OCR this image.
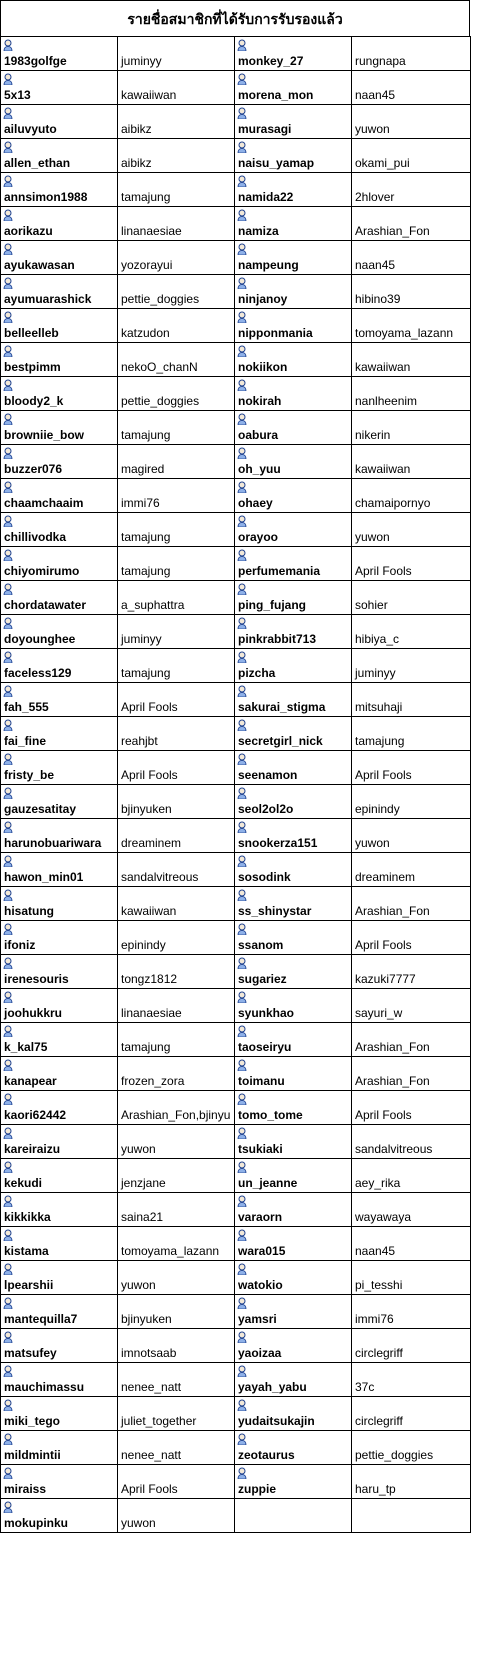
รายชื่อสมาชิกที่ได้รับการรับรองแล้ว
1983golfge	juminyy	monkey_27	rungnapa

5x13	kawaiiwan	morena_mon	naan45

ailuvyuto	aibikz	murasagi	yuwon

allen_ethan	aibikz	naisu_yamap	okami_pui

annsimon1988	tamajung	namida22	2hlover

aorikazu	linanaesiae	namiza	Arashian_Fon

ayukawasan	yozorayui	nampeung	naan45

ayumuarashick	pettie_doggies	ninjanoy	hibino39

belleelleb	katzudon	nipponmania	tomoyama_lazann

bestpimm	nekoO_chanN	nokiikon	kawaiiwan

bloody2_k	pettie_doggies	nokirah	nanlheenim

browniie_bow	tamajung	oabura	nikerin

buzzer076	magired	oh_yuu	kawaiiwan

chaamchaaim	immi76	ohaey	chamaipornyo

chillivodka	tamajung	orayoo	yuwon

chiyomirumo	tamajung	perfumemania	April Fools

chordatawater	a_suphattra	ping_fujang	sohier

doyounghee	juminyy	pinkrabbit713	hibiya_c

faceless129	tamajung	pizcha	juminyy

fah_555	April Fools	sakurai_stigma	mitsuhaji

fai_fine	reahjbt	secretgirl_nick	tamajung

fristy_be	April Fools	seenamon	April Fools

gauzesatitay	bjinyuken	seol2ol2o	epinindy

harunobuariwara	dreaminem	snookerza151	yuwon

hawon_min01	sandalvitreous	sosodink	dreaminem

hisatung	kawaiiwan	ss_shinystar	Arashian_Fon

ifoniz	epinindy	ssanom	April Fools

irenesouris	tongz1812	sugariez	kazuki7777

joohukkru	linanaesiae	syunkhao	sayuri_w

k_kal75	tamajung	taoseiryu	Arashian_Fon

kanapear	frozen_zora	toimanu	Arashian_Fon

kaori62442	Arashian_Fon,bjinyu	tomo_tome	April Fools

kareiraizu	yuwon	tsukiaki	sandalvitreous

kekudi	jenzjane	un_jeanne	aey_rika

kikkikka	saina21	varaorn	wayawaya

kistama	tomoyama_lazann	wara015	naan45

lpearshii	yuwon	watokio	pi_tesshi

mantequilla7	bjinyuken	yamsri	immi76

matsufey	imnotsaab	yaoizaa	circlegriff

mauchimassu	nenee_natt	yayah_yabu	37c

miki_tego	juliet_together	yudaitsukajin	circlegriff

mildmintii	nenee_natt	zeotaurus	pettie_doggies

miraiss	April Fools	zuppie	haru_tp

mokupinku	yuwon		
